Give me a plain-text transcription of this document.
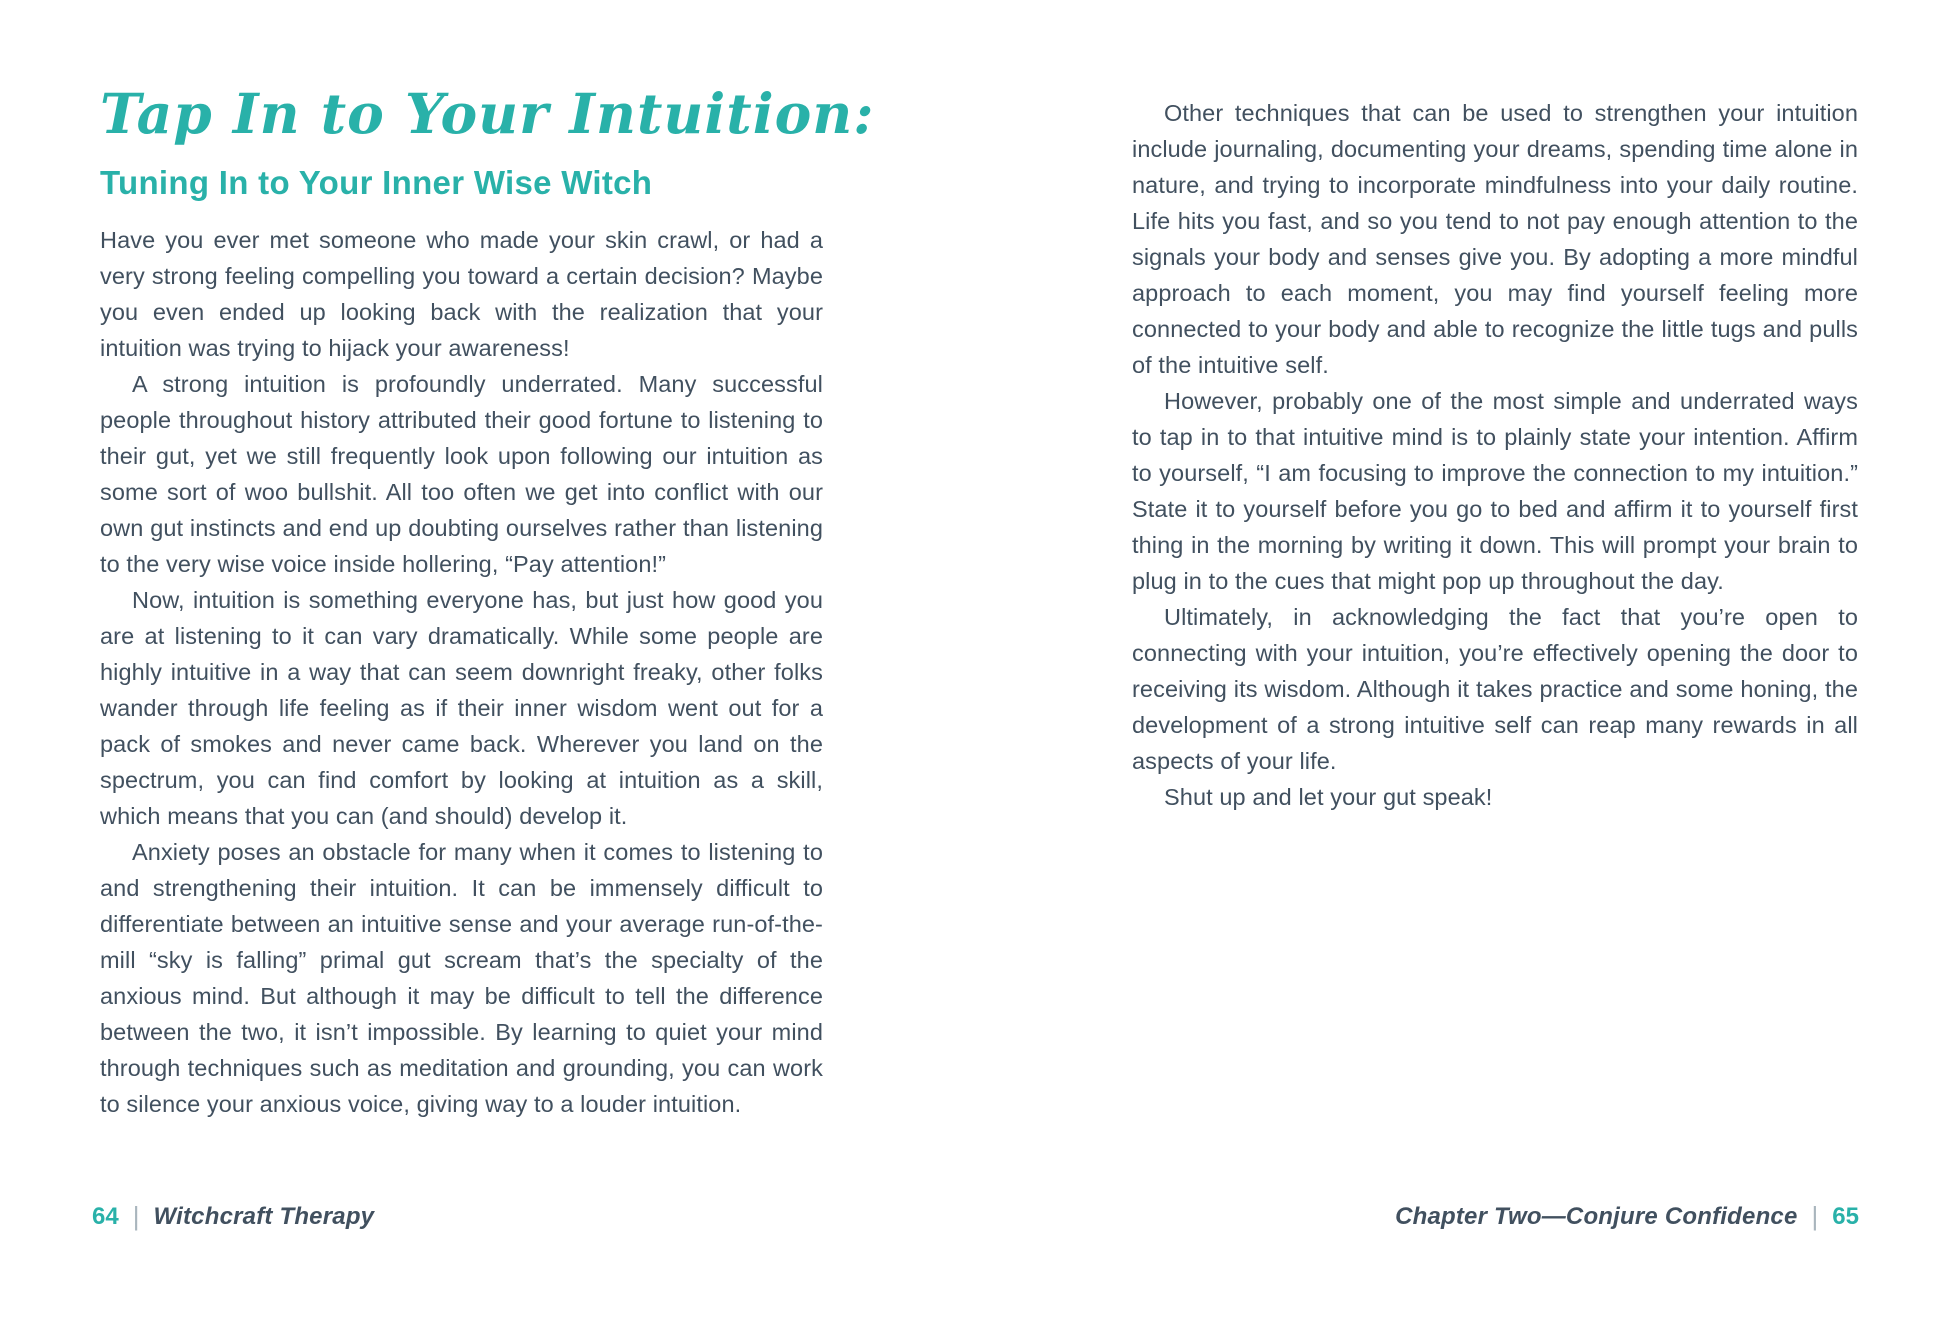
Tap In to Your Intuition:
Tuning In to Your Inner Wise Witch

Have you ever met someone who made your skin crawl, or had a very strong feeling compelling you toward a certain decision? Maybe you even ended up looking back with the realization that your intuition was trying to hijack your awareness!

A strong intuition is profoundly underrated. Many successful people throughout history attributed their good fortune to listening to their gut, yet we still frequently look upon following our intuition as some sort of woo bullshit. All too often we get into conflict with our own gut instincts and end up doubting ourselves rather than listening to the very wise voice inside hollering, “Pay attention!”

Now, intuition is something everyone has, but just how good you are at listening to it can vary dramatically. While some people are highly intuitive in a way that can seem downright freaky, other folks wander through life feeling as if their inner wisdom went out for a pack of smokes and never came back. Wherever you land on the spectrum, you can find comfort by looking at intuition as a skill, which means that you can (and should) develop it.

Anxiety poses an obstacle for many when it comes to listening to and strengthening their intuition. It can be immensely difficult to differentiate between an intuitive sense and your average run-of-the-mill “sky is falling” primal gut scream that’s the specialty of the anxious mind. But although it may be difficult to tell the difference between the two, it isn’t impossible. By learning to quiet your mind through techniques such as meditation and grounding, you can work to silence your anxious voice, giving way to a louder intuition.

Other techniques that can be used to strengthen your intuition include journaling, documenting your dreams, spending time alone in nature, and trying to incorporate mindfulness into your daily routine. Life hits you fast, and so you tend to not pay enough attention to the signals your body and senses give you. By adopting a more mindful approach to each moment, you may find yourself feeling more connected to your body and able to recognize the little tugs and pulls of the intuitive self.

However, probably one of the most simple and underrated ways to tap in to that intuitive mind is to plainly state your intention. Affirm to yourself, “I am focusing to improve the connection to my intuition.” State it to yourself before you go to bed and affirm it to yourself first thing in the morning by writing it down. This will prompt your brain to plug in to the cues that might pop up throughout the day.

Ultimately, in acknowledging the fact that you’re open to connecting with your intuition, you’re effectively opening the door to receiving its wisdom. Although it takes practice and some honing, the development of a strong intuitive self can reap many rewards in all aspects of your life.

Shut up and let your gut speak!

64 | Witchcraft Therapy	Chapter Two—Conjure Confidence | 65
